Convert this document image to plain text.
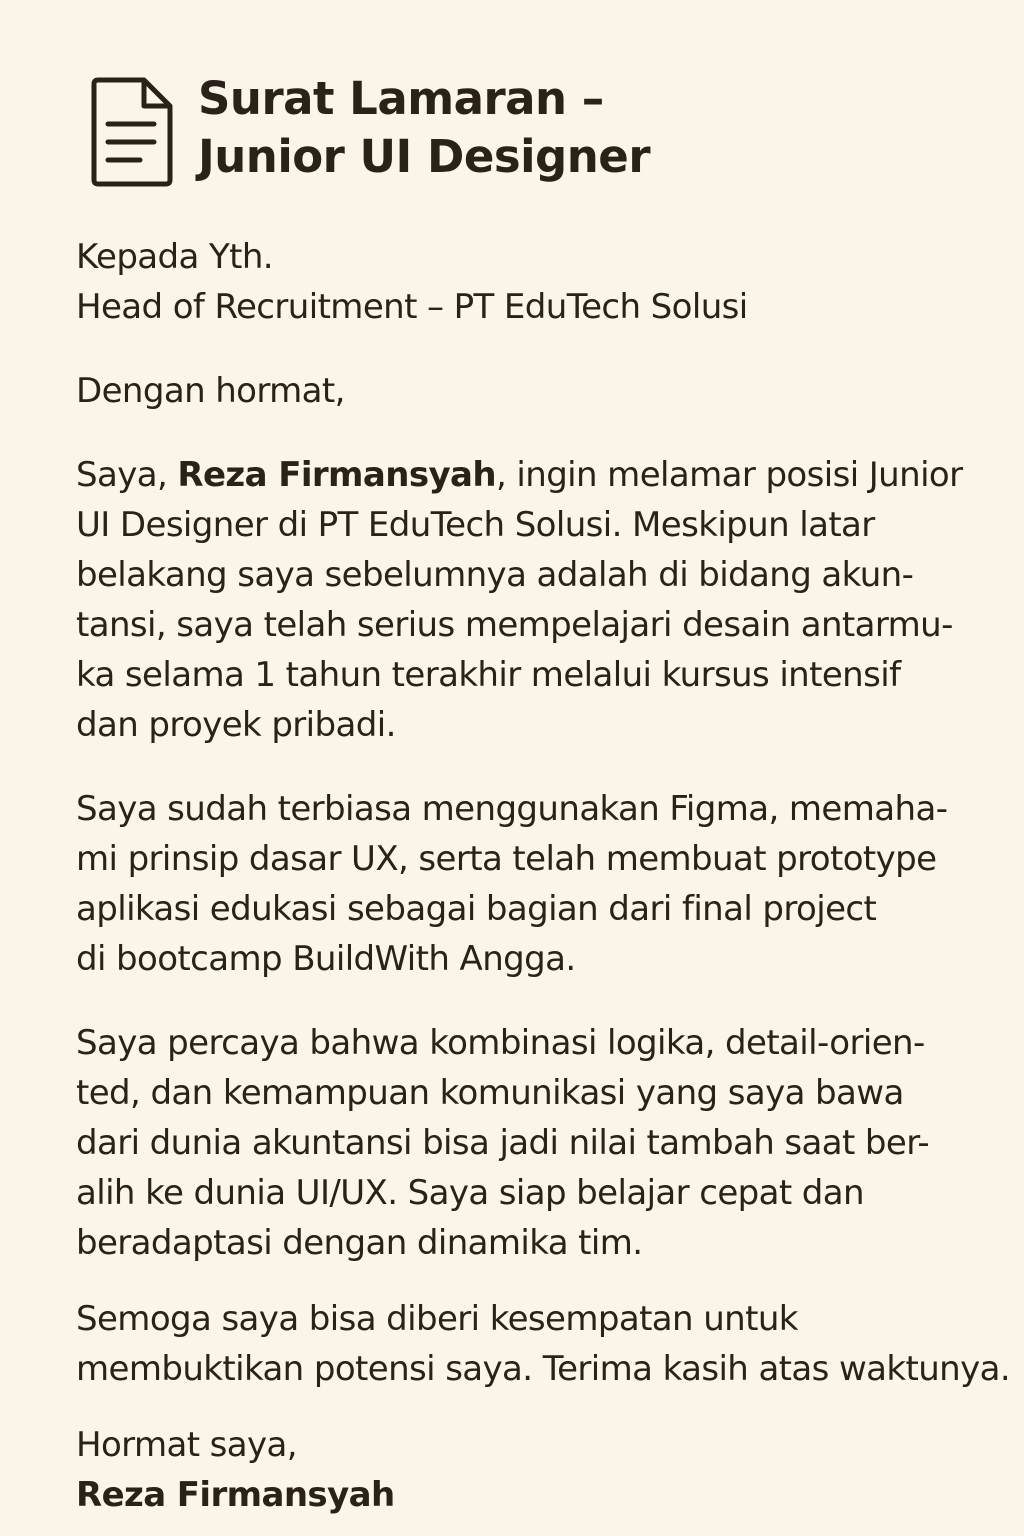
Surat Lamaran –
Junior UI Designer
Kepada Yth.
Head of Recruitment – PT EduTech Solusi
Dengan hormat,
Saya, Reza Firmansyah, ingin melamar posisi Junior
UI Designer di PT EduTech Solusi. Meskipun latar
belakang saya sebelumnya adalah di bidang akun-
tansi, saya telah serius mempelajari desain antarmu-
ka selama 1 tahun terakhir melalui kursus intensif
dan proyek pribadi.
Saya sudah terbiasa menggunakan Figma, memaha-
mi prinsip dasar UX, serta telah membuat prototype
aplikasi edukasi sebagai bagian dari final project
di bootcamp BuildWith Angga.
Saya percaya bahwa kombinasi logika, detail-orien-
ted, dan kemampuan komunikasi yang saya bawa
dari dunia akuntansi bisa jadi nilai tambah saat ber-
alih ke dunia UI/UX. Saya siap belajar cepat dan
beradaptasi dengan dinamika tim.
Semoga saya bisa diberi kesempatan untuk
membuktikan potensi saya. Terima kasih atas waktunya.
Hormat saya,
Reza Firmansyah
